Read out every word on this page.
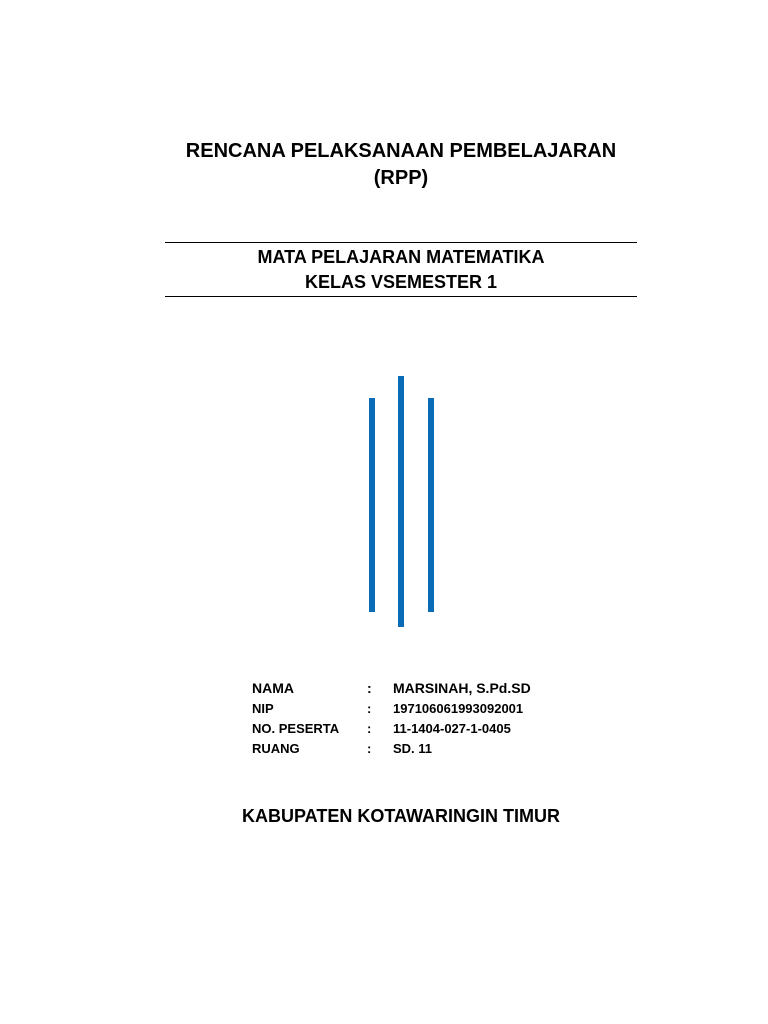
RENCANA PELAKSANAAN PEMBELAJARAN
(RPP)
MATA PELAJARAN MATEMATIKA
KELAS VSEMESTER 1
NAMA	:	MARSINAH, S.Pd.SD
NIP	:	197106061993092001
NO. PESERTA	:	11-1404-027-1-0405
RUANG	:	SD. 11
KABUPATEN KOTAWARINGIN TIMUR
